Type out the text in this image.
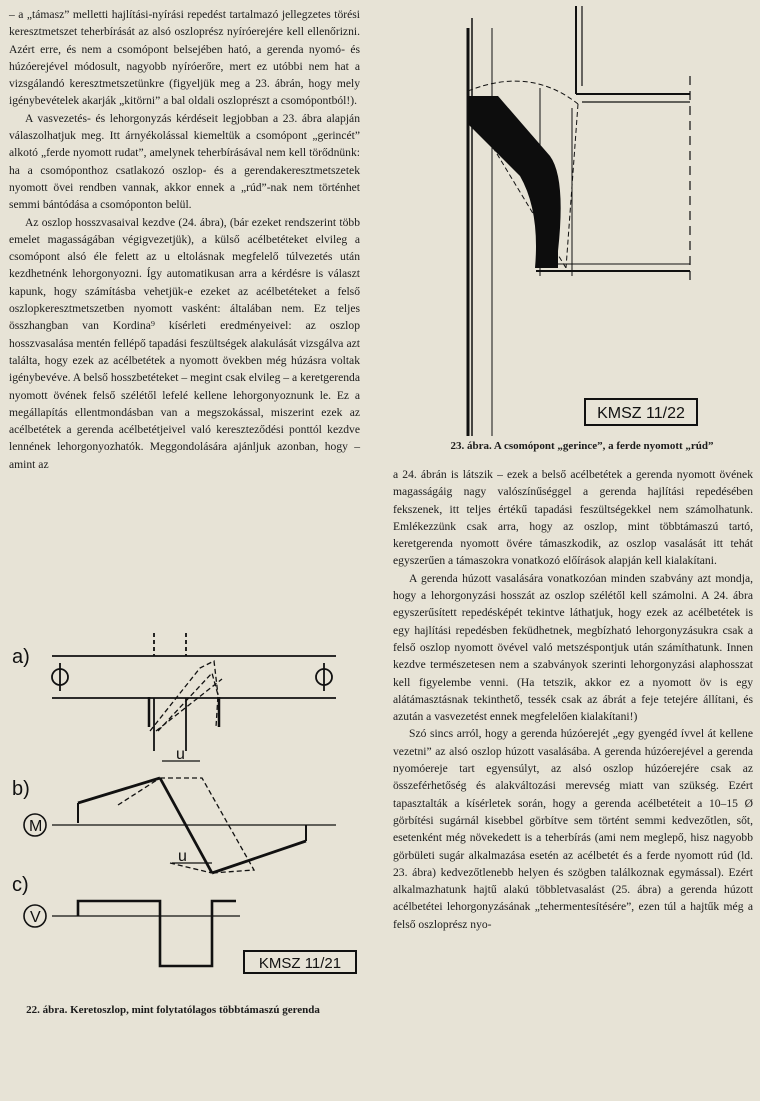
– a „támasz” melletti hajlítási-nyírási repedést tartalmazó jellegzetes törési keresztmetszet teherbírását az alsó oszloprész nyíróerejére kell ellenőrizni. Azért erre, és nem a csomópont belsejében ható, a gerenda nyomó- és húzóerejével módosult, nagyobb nyíróerőre, mert ez utóbbi nem hat a vizsgálandó keresztmetszetünkre (figyeljük meg a 23. ábrán, hogy mely igénybevételek akarják „kitörni” a bal oldali oszloprészt a csomópontból!).

A vasvezetés- és lehorgonyzás kérdéseit legjobban a 23. ábra alapján válaszolhatjuk meg. Itt árnyékolással kiemeltük a csomópont „gerincét” alkotó „ferde nyomott rudat”, amelynek teherbírásával nem kell törődnünk: ha a csomóponthoz csatlakozó oszlop- és a gerendakeresztmetszetek nyomott övei rendben vannak, akkor ennek a „rúd”-nak nem történhet semmi bántódása a csomóponton belül.

Az oszlop hosszvasaival kezdve (24. ábra), (bár ezeket rendszerint több emelet magasságában végigvezetjük), a külső acélbetéteket elvileg a csomópont alsó éle felett az u eltolásnak megfelelő túlvezetés után kezdhetnénk lehorgonyozni. Így automatikusan arra a kérdésre is választ kapunk, hogy számításba vehetjük-e ezeket az acélbetéteket a felső oszlopkeresztmetszetben nyomott vasként: általában nem. Ez teljes összhangban van Kordina⁹ kísérleti eredményeivel: az oszlop hosszvasalása mentén fellépő tapadási feszültségek alakulását vizsgálva azt találta, hogy ezek az acélbetétek a nyomott övekben még húzásra voltak igénybevéve. A belső hosszbetéteket – megint csak elvileg – a keretgerenda nyomott övének felső szélétől lefelé kellene lehorgonyoznunk le. Ez a megállapítás ellentmondásban van a megszokással, miszerint ezek az acélbetétek a gerenda acélbetétjeivel való kereszteződési ponttól kezdve lennének lehorgonyozhatók. Meggondolására ajánljuk azonban, hogy – amint az

KMSZ 11/22
23. ábra. A csomópont „gerince”, a ferde nyomott „rúd”

a 24. ábrán is látszik – ezek a belső acélbetétek a gerenda nyomott övének magasságáig nagy valószínűséggel a gerenda hajlítási repedésében fekszenek, itt teljes értékű tapadási feszültségekkel nem számolhatunk. Emlékezzünk csak arra, hogy az oszlop, mint többtámaszú tartó, keretgerenda nyomott övére támaszkodik, az oszlop vasalását itt tehát egyszerűen a támaszokra vonatkozó előírások alapján kell kialakítani.

A gerenda húzott vasalására vonatkozóan minden szabvány azt mondja, hogy a lehorgonyzási hosszát az oszlop szélétől kell számolni. A 24. ábra egyszerűsített repedésképét tekintve láthatjuk, hogy ezek az acélbetétek is egy hajlítási repedésben feküdhetnek, megbízható lehorgonyzásukra csak a felső oszlop nyomott övével való metszéspontjuk után számíthatunk. Innen kezdve természetesen nem a szabványok szerinti lehorgonyzási alaphosszat kell figyelembe venni. (Ha tetszik, akkor ez a nyomott öv is egy alátámasztásnak tekinthető, tessék csak az ábrát a feje tetejére állítani, és azután a vasvezetést ennek megfelelően kialakítani!)

Szó sincs arról, hogy a gerenda húzóerejét „egy gyengéd ívvel át kellene vezetni” az alsó oszlop húzott vasalásába. A gerenda húzóerejével a gerenda nyomóereje tart egyensúlyt, az alsó oszlop húzóerejére csak az összeférhetőség és alakváltozási merevség miatt van szükség. Ezért tapasztalták a kísérletek során, hogy a gerenda acélbetéteit a 10–15 Ø görbítési sugárnál kisebbel görbítve sem történt semmi kedvezőtlen, sőt, esetenként még növekedett is a teherbírás (ami nem meglepő, hisz nagyobb görbületi sugár alkalmazása esetén az acélbetét és a ferde nyomott rúd (ld. 23. ábra) kedvezőtlenebb helyen és szögben találkoznak egymással). Ezért alkalmazhatunk hajtű alakú többletvasalást (25. ábra) a gerenda húzott acélbetétei lehorgonyzásának „tehermentesítésére”, ezen túl a hajtűk még a felső oszloprész nyo-

a)
b)
c)
M
V
u
u
KMSZ 11/21
22. ábra. Keretoszlop, mint folytatólagos többtámaszú gerenda
